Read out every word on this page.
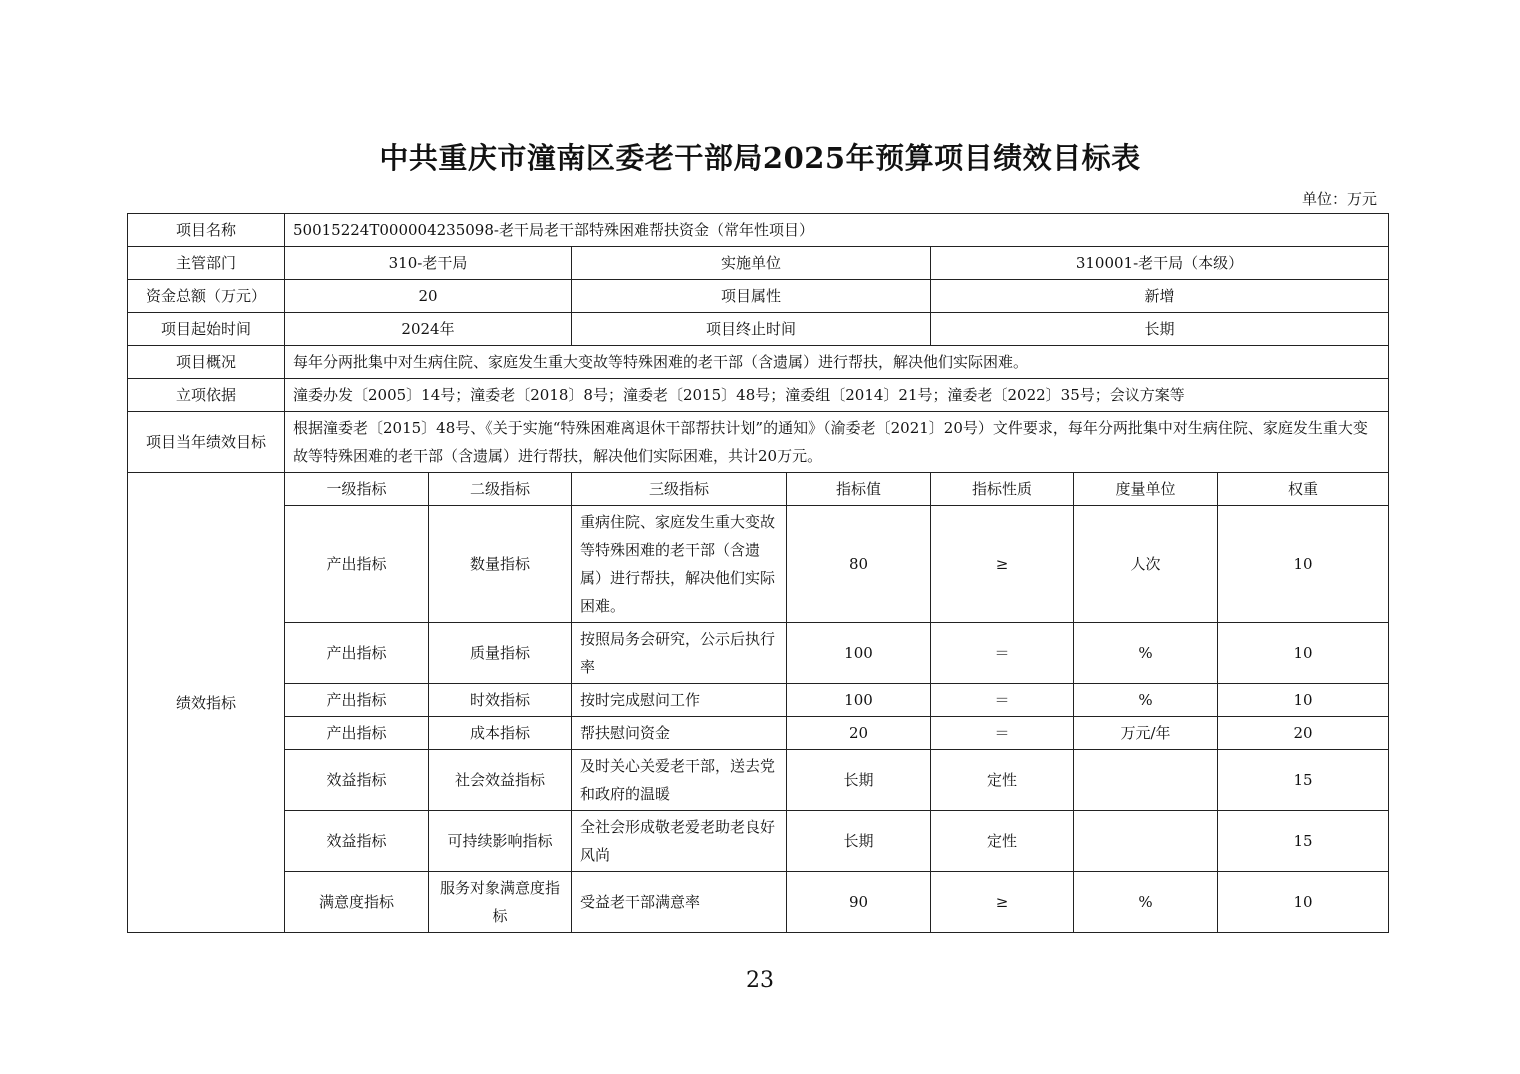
中共重庆市潼南区委老干部局2025年预算项目绩效目标表
单位：万元
项目名称	50015224T000004235098-老干局老干部特殊困难帮扶资金（常年性项目）						
主管部门	310-老干局		实施单位		310001-老干局（本级）		
资金总额（万元）	20		项目属性		新增		
项目起始时间	2024年		项目终止时间		长期		
项目概况	每年分两批集中对生病住院、家庭发生重大变故等特殊困难的老干部（含遗属）进行帮扶，解决他们实际困难。						
立项依据	潼委办发〔2005〕14号；潼委老〔2018〕8号；潼委老〔2015〕48号；潼委组〔2014〕21号；潼委老〔2022〕35号；会议方案等						
项目当年绩效目标	根据潼委老〔2015〕48号、《关于实施“特殊困难离退休干部帮扶计划”的通知》（渝委老〔2021〕20号）文件要求，每年分两批集中对生病住院、家庭发生重大变故等特殊困难的老干部（含遗属）进行帮扶，解决他们实际困难，共计20万元。						
绩效指标	一级指标	二级指标	三级指标	指标值	指标性质	度量单位	权重
	产出指标	数量指标	重病住院、家庭发生重大变故等特殊困难的老干部（含遗属）进行帮扶，解决他们实际困难。	80	≥	人次	10
	产出指标	质量指标	按照局务会研究，公示后执行率	100	＝	%	10
	产出指标	时效指标	按时完成慰问工作	100	＝	%	10
	产出指标	成本指标	帮扶慰问资金	20	＝	万元/年	20
	效益指标	社会效益指标	及时关心关爱老干部，送去党和政府的温暖	长期	定性		15
	效益指标	可持续影响指标	全社会形成敬老爱老助老良好风尚	长期	定性		15
	满意度指标	服务对象满意度指标	受益老干部满意率	90	≥	%	10
23
